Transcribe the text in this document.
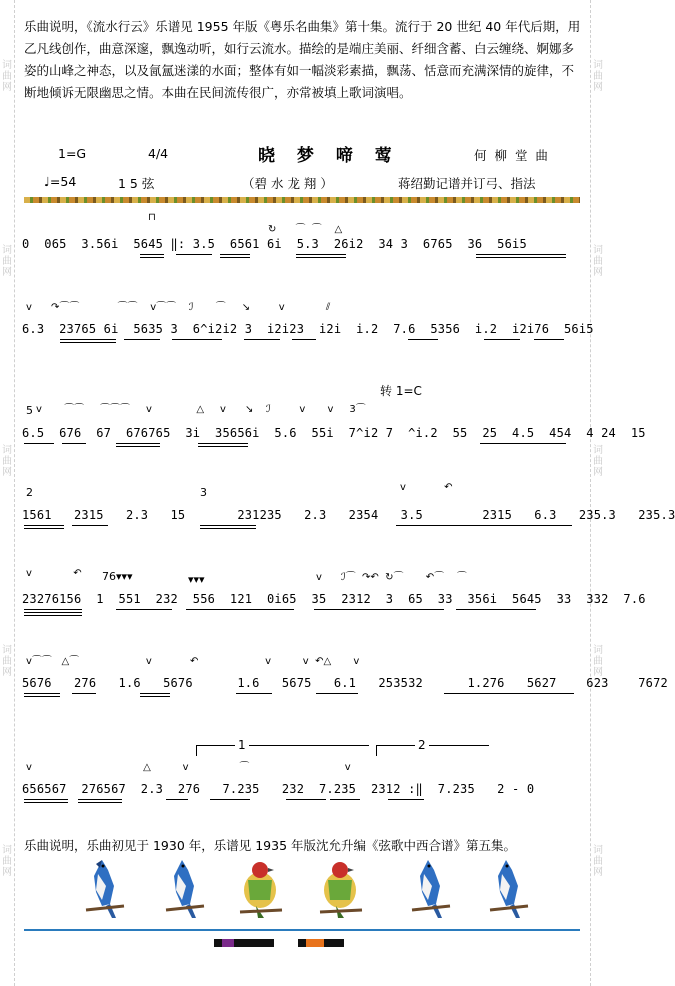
词曲网
词曲网
词曲网
词曲网
词曲网
词曲网
词曲网
词曲网
词曲网
词曲网
乐曲说明，《流水行云》乐谱见 1955 年版《粤乐名曲集》第十集。流行于 20 世纪 40 年代后期，用乙凡线创作，曲意深邃，飘逸动听，如行云流水。描绘的是端庄美丽、纤细含蓄、白云缠绕、婀娜多姿的山峰之神态，以及氤氲迷漾的水面；整体有如一幅淡彩素描，飘荡、恬意而充满深情的旋律，不断地倾诉无限幽思之情。本曲在民间流传很广，亦常被填上歌词演唱。
1=G	4/4	晓 梦 啼 莺	何 柳 堂 曲
♩=54	1 5 弦	（碧 水 龙 翔 ）	蒋绍勤记谱并订弓、指法
⊓
↻      ⌒  ⌒    △
0  065  3.56i  5645 ‖: 3.5  6561 6i  5.3  26i2  34 3  6765  36  56i5
v      ↷⌒⌒            ⌒⌒    v⌒⌒    ℐ       ⌒     ↘         v             ⫽
6.3  23765 6i  5635 3  6^i2i2 3  i2i23  i2i  i.2  7.6  5356  i.2  i2i76  56i5
转 1=C
5 v       ⌒⌒     ⌒⌒⌒     v              △     v      ↘    ℐ         v       v     3⌒
6.5  676  67  676765  3i  35656i  5.6  55i  7^i2 7  ^i.2  55  25  4.5  454  4 24  15
2	3	v            ↶
1561   2315   2.3   15       231235   2.3   2354   3.5        2315   6.3   235.3   235.3
v             ↶ 76▾▾▾	▾▾▾	v      ℐ⌒  ↷↶  ↻⌒       ↶⌒    ⌒
23276156  1  551  232  556  121  0i65  35  2312  3  65  33  356i  5645  33  332  7.6
v⌒⌒   △⌒                     v            ↶                     v          v  ↶△       v
5676   276   1.6   5676      1.6   5675   6.1   253532      1.276   5627    623    7672
1	2
v                                   △          v                ⌒                              v
656567  276567  2.3  276   7.235   232  7.235  2312 :‖  7.235   2 - 0
乐曲说明，乐曲初见于 1930 年，乐谱见 1935 年版沈允升编《弦歌中西合谱》第五集。
